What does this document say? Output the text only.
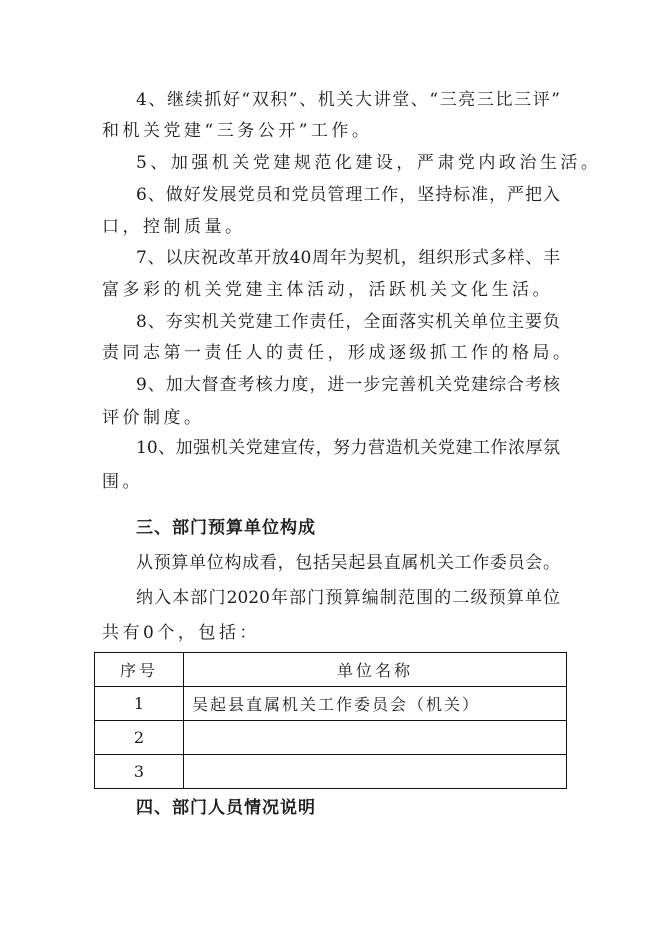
4、继续抓好“双积”、机关大讲堂、“三亮三比三评”
和机关党建“三务公开”工作。
5、加强机关党建规范化建设，严肃党内政治生活。
6、做好发展党员和党员管理工作，坚持标准，严把入
口，控制质量。
7、以庆祝改革开放40周年为契机，组织形式多样、丰
富多彩的机关党建主体活动，活跃机关文化生活。
8、夯实机关党建工作责任，全面落实机关单位主要负
责同志第一责任人的责任，形成逐级抓工作的格局。
9、加大督查考核力度，进一步完善机关党建综合考核
评价制度。
10、加强机关党建宣传，努力营造机关党建工作浓厚氛
围。
三、部门预算单位构成
从预算单位构成看，包括吴起县直属机关工作委员会。
纳入本部门2020年部门预算编制范围的二级预算单位
共有0个，包括：
序号	单位名称
1	吴起县直属机关工作委员会（机关）
2	
3	
四、部门人员情况说明
